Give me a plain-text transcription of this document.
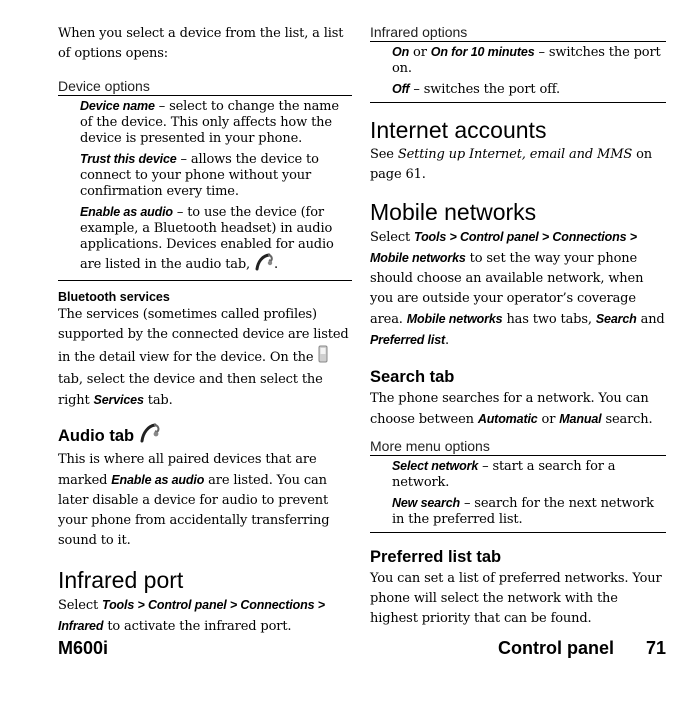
When you select a device from the list, a list of options opens:

Device options

Device name – select to change the name of the device. This only affects how the device is presented in your phone.

Trust this device – allows the device to connect to your phone without your confirmation every time.

Enable as audio – to use the device (for example, a Bluetooth headset) in audio applications. Devices enabled for audio are listed in the audio tab, .

Bluetooth services

The services (sometimes called profiles) supported by the connected device are listed in the detail view for the device. On the  tab, select the device and then select the right Services tab.

Audio tab

This is where all paired devices that are marked Enable as audio are listed. You can later disable a device for audio to prevent your phone from accidentally transferring sound to it.

Infrared port

Select Tools > Control panel > Connections > Infrared to activate the infrared port.

Infrared options

On or On for 10 minutes – switches the port on.

Off – switches the port off.

Internet accounts

See Setting up Internet, email and MMS on page 61.

Mobile networks

Select Tools > Control panel > Connections > Mobile networks to set the way your phone should choose an available network, when you are outside your operator’s coverage area. Mobile networks has two tabs, Search and Preferred list.

Search tab

The phone searches for a network. You can choose between Automatic or Manual search.

More menu options

Select network – start a search for a network.

New search – search for the next network in the preferred list.

Preferred list tab

You can set a list of preferred networks. Your phone will select the network with the highest priority that can be found.

M600i	Control panel 71
